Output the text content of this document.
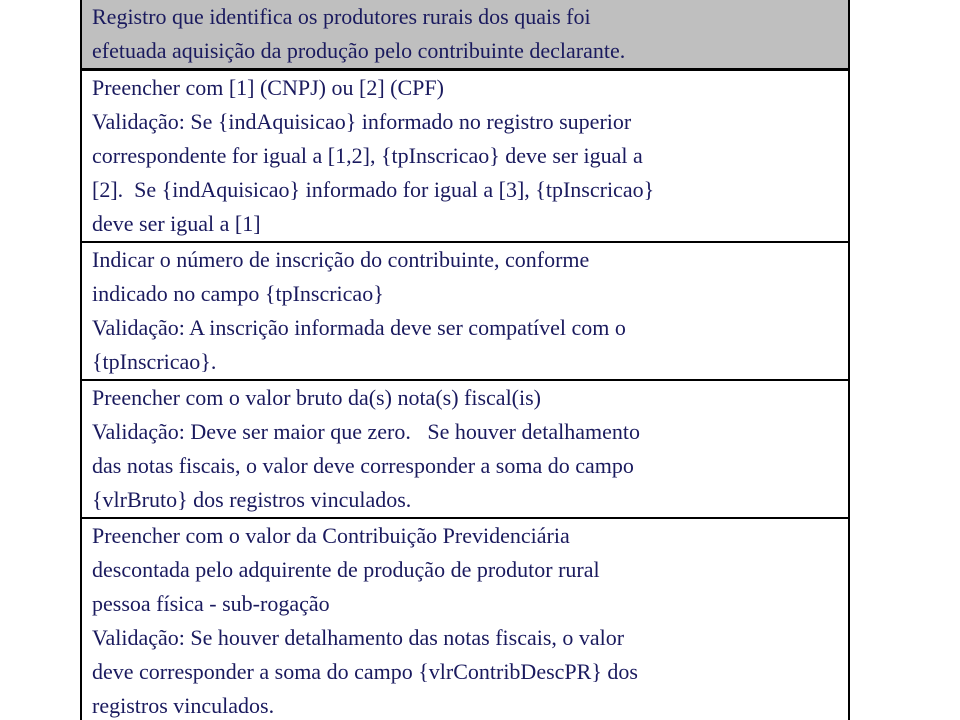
Registro que identifica os produtores rurais dos quais foi
efetuada aquisição da produção pelo contribuinte declarante.
Preencher com [1] (CNPJ) ou [2] (CPF)
Validação: Se {indAquisicao} informado no registro superior
correspondente for igual a [1,2], {tpInscricao} deve ser igual a
[2].  Se {indAquisicao} informado for igual a [3], {tpInscricao}
deve ser igual a [1]
Indicar o número de inscrição do contribuinte, conforme
indicado no campo {tpInscricao}
Validação: A inscrição informada deve ser compatível com o
{tpInscricao}.
Preencher com o valor bruto da(s) nota(s) fiscal(is)
Validação: Deve ser maior que zero.   Se houver detalhamento
das notas fiscais, o valor deve corresponder a soma do campo
{vlrBruto} dos registros vinculados.
Preencher com o valor da Contribuição Previdenciária
descontada pelo adquirente de produção de produtor rural
pessoa física - sub-rogação
Validação: Se houver detalhamento das notas fiscais, o valor
deve corresponder a soma do campo {vlrContribDescPR} dos
registros vinculados.
